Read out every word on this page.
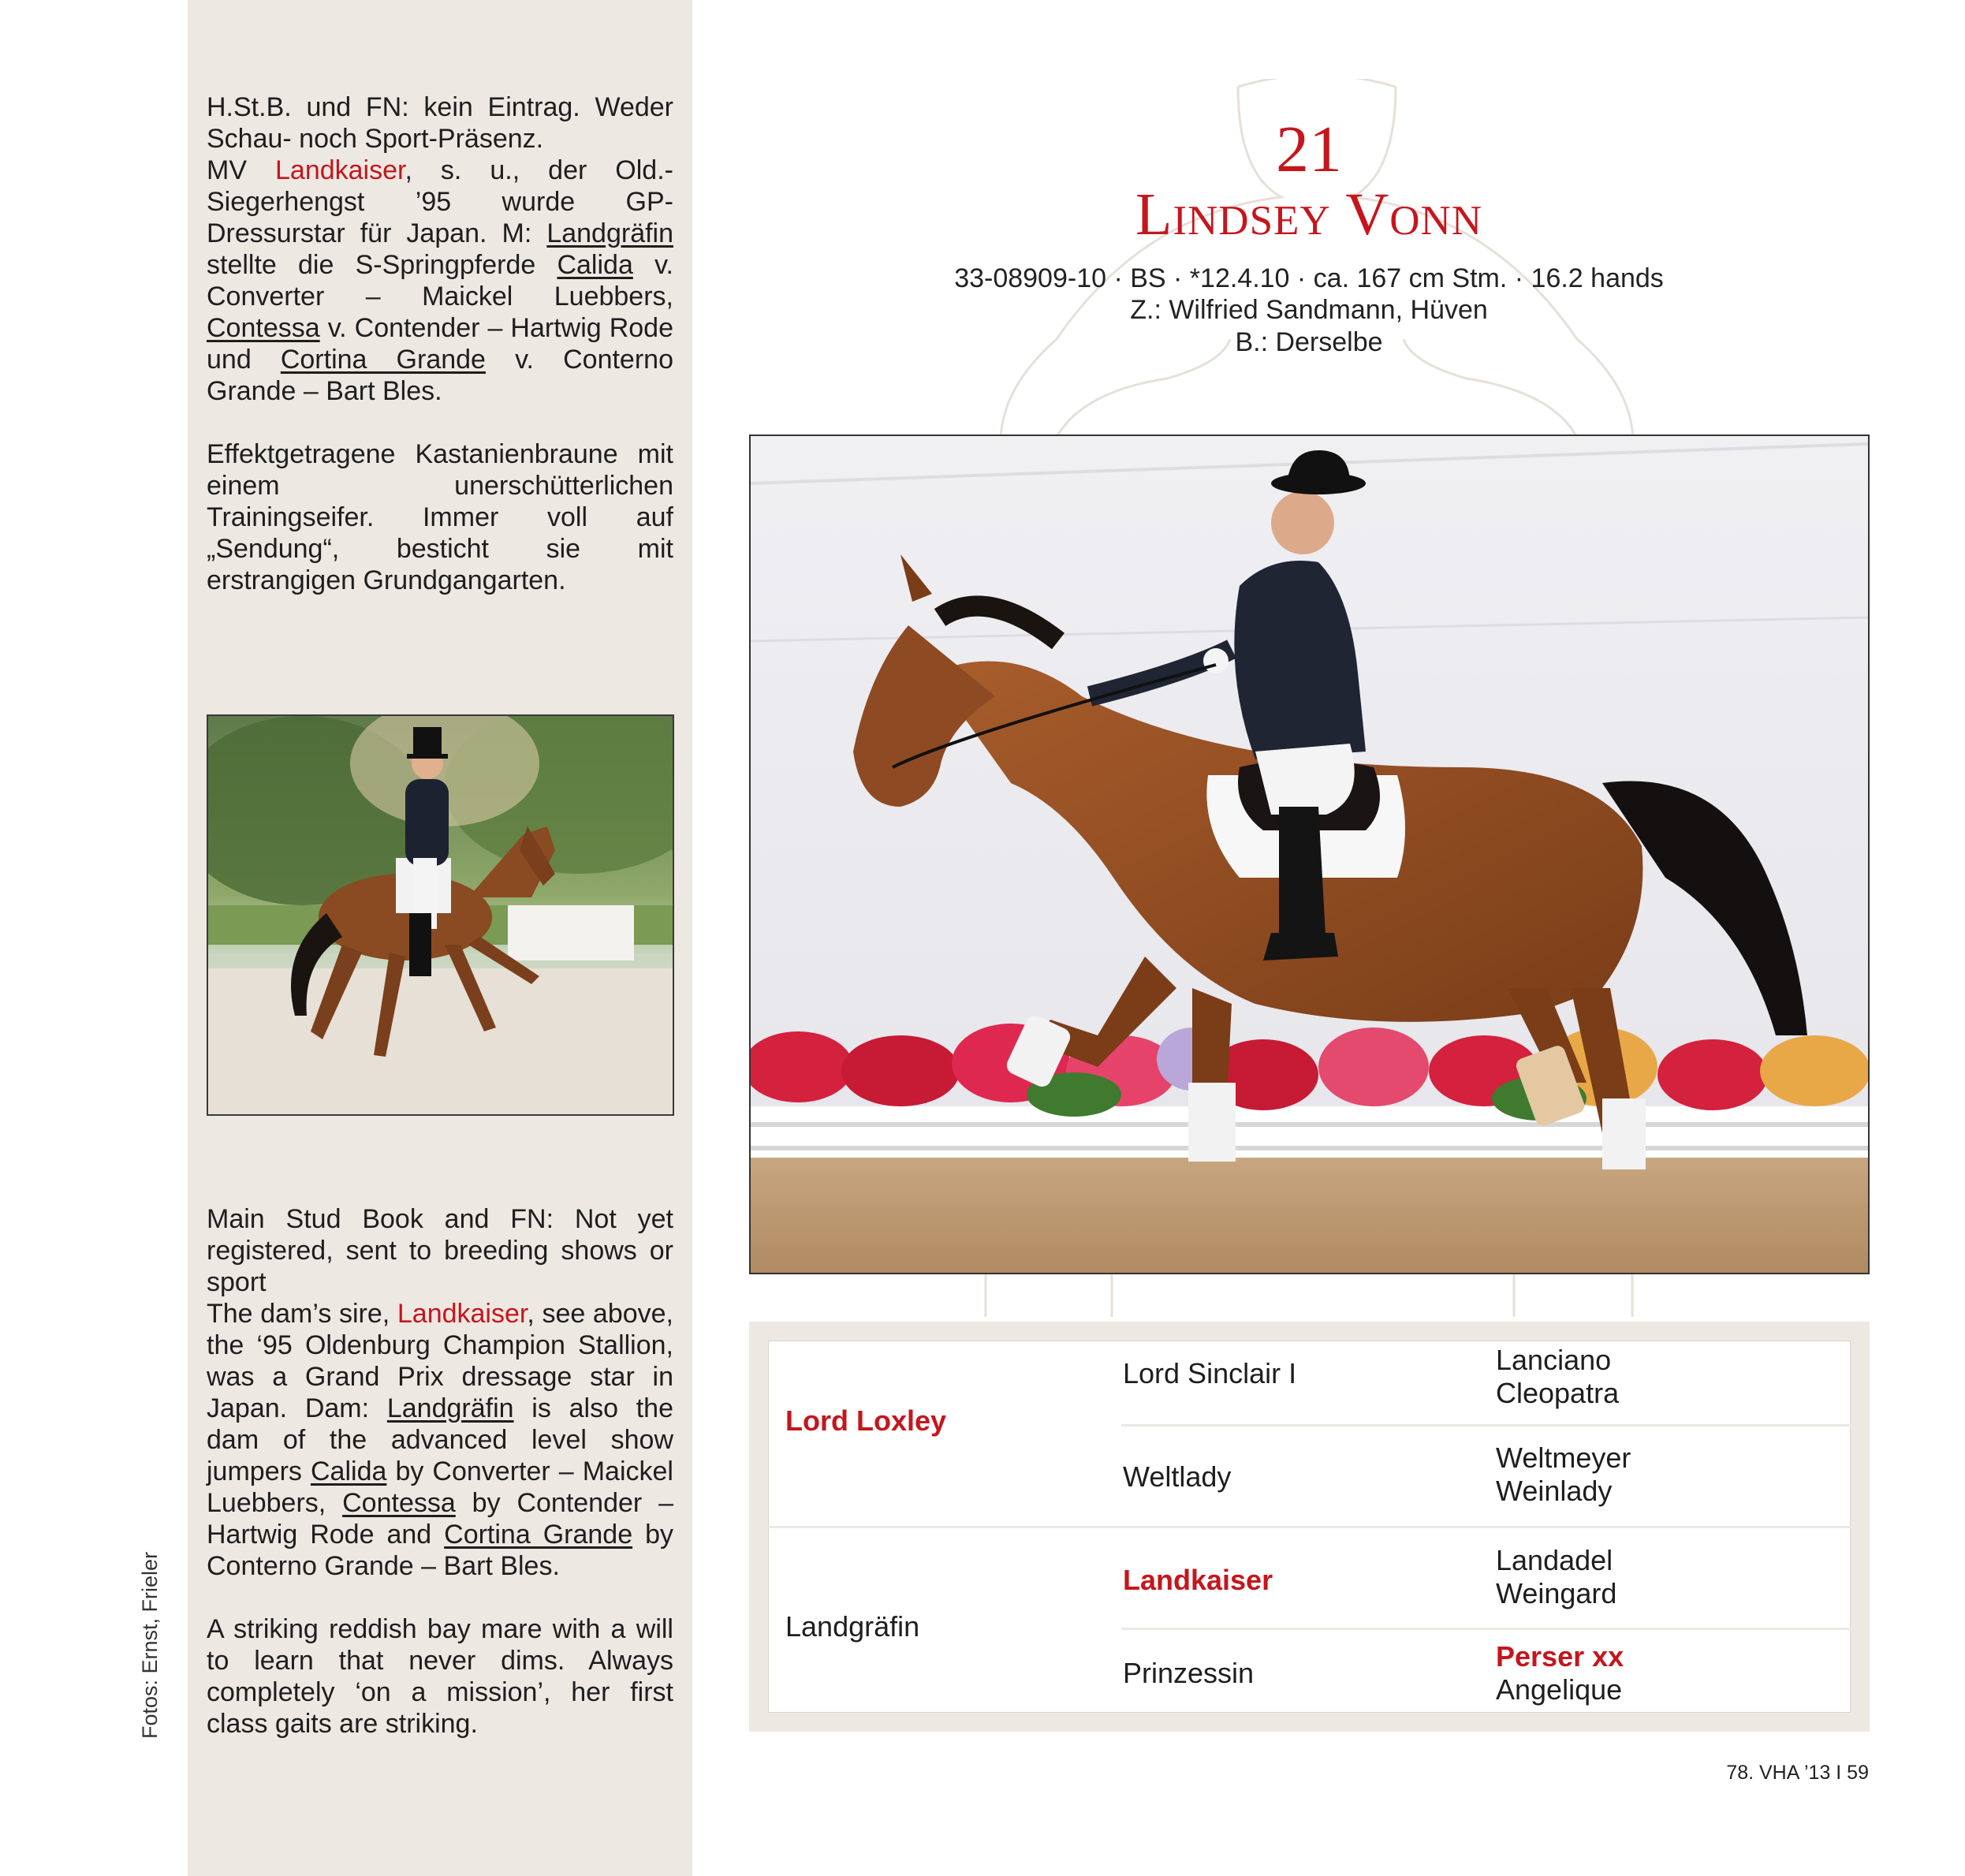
H.St.B. und FN: kein Eintrag. Weder Schau- noch Sport-Präsenz.
MV Landkaiser, s. u., der Old.-Siegerhengst ’95 wurde GP-Dressurstar für Japan. M: Landgräfin stellte die S-Springpferde Calida v. Converter – Maickel Luebbers, Contessa v. Contender – Hartwig Rode und Cortina Grande v. Conterno Grande – Bart Bles.

Effektgetragene Kastanienbraune mit einem unerschütterlichen Trainingseifer. Immer voll auf „Sendung“, besticht sie mit erstrangigen Grundgangarten.

Main Stud Book and FN: Not yet registered, sent to breeding shows or sport
The dam’s sire, Landkaiser, see above, the ‘95 Oldenburg Champion Stallion, was a Grand Prix dressage star in Japan. Dam: Landgräfin is also the dam of the advanced level show jumpers Calida by Converter – Maickel Luebbers, Contessa by Contender – Hartwig Rode and Cortina Grande by Conterno Grande – Bart Bles.

A striking reddish bay mare with a will to learn that never dims. Always completely ‘on a mission’, her first class gaits are striking.

Fotos: Ernst, Frieler
21
Lindsey Vonn
33-08909-10 · BS · *12.4.10 · ca. 167 cm Stm. · 16.2 hands
Z.: Wilfried Sandmann, Hüven
B.: Derselbe
Lord Loxley
Landgräfin
Lord Sinclair I
Weltlady
Landkaiser
Prinzessin
Lanciano
Cleopatra
Weltmeyer
Weinlady
Landadel
Weingard
Perser xx
Angelique
78. VHA ’13 I 59
